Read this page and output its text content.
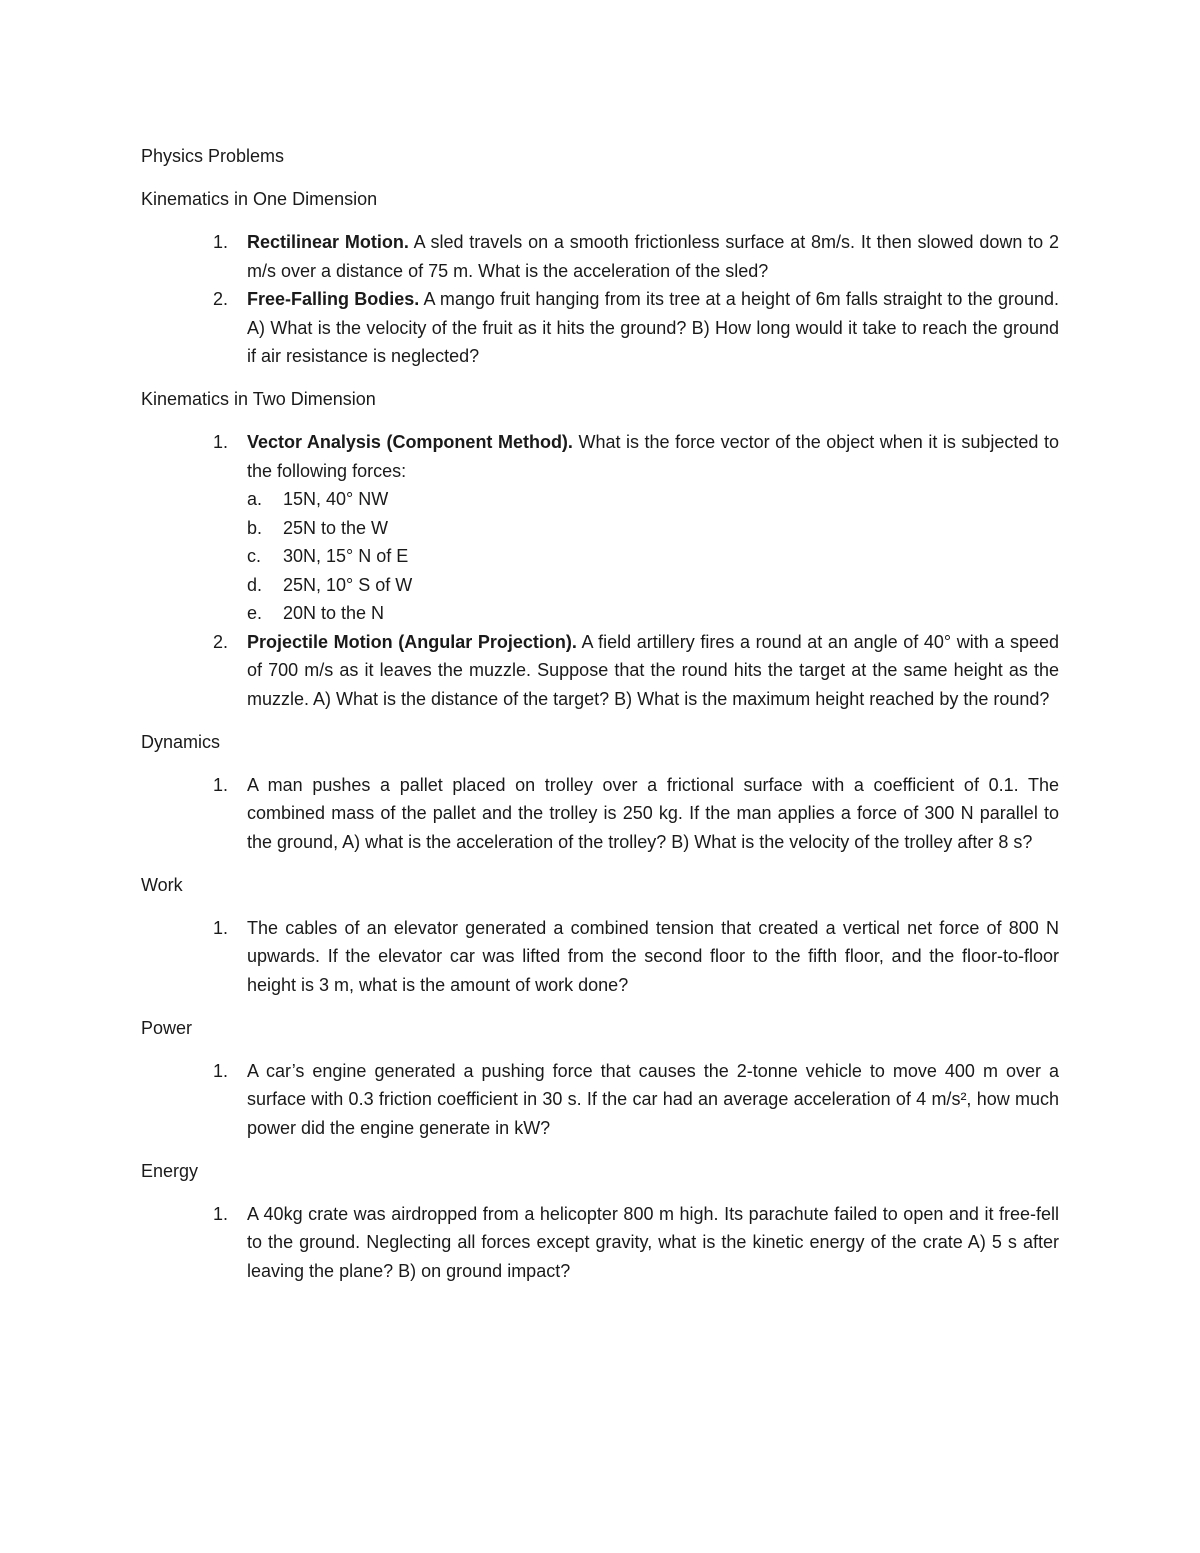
Physics Problems

Kinematics in One Dimension

1. Rectilinear Motion. A sled travels on a smooth frictionless surface at 8m/s. It then slowed down to 2 m/s over a distance of 75 m. What is the acceleration of the sled?
2. Free-Falling Bodies. A mango fruit hanging from its tree at a height of 6m falls straight to the ground. A) What is the velocity of the fruit as it hits the ground? B) How long would it take to reach the ground if air resistance is neglected?

Kinematics in Two Dimension

1. Vector Analysis (Component Method). What is the force vector of the object when it is subjected to the following forces:
a. 15N, 40° NW
b. 25N to the W
c. 30N, 15° N of E
d. 25N, 10° S of W
e. 20N to the N
2. Projectile Motion (Angular Projection). A field artillery fires a round at an angle of 40° with a speed of 700 m/s as it leaves the muzzle. Suppose that the round hits the target at the same height as the muzzle. A) What is the distance of the target? B) What is the maximum height reached by the round?

Dynamics

1. A man pushes a pallet placed on trolley over a frictional surface with a coefficient of 0.1. The combined mass of the pallet and the trolley is 250 kg. If the man applies a force of 300 N parallel to the ground, A) what is the acceleration of the trolley? B) What is the velocity of the trolley after 8 s?

Work

1. The cables of an elevator generated a combined tension that created a vertical net force of 800 N upwards. If the elevator car was lifted from the second floor to the fifth floor, and the floor-to-floor height is 3 m, what is the amount of work done?

Power

1. A car’s engine generated a pushing force that causes the 2-tonne vehicle to move 400 m over a surface with 0.3 friction coefficient in 30 s. If the car had an average acceleration of 4 m/s², how much power did the engine generate in kW?

Energy

1. A 40kg crate was airdropped from a helicopter 800 m high. Its parachute failed to open and it free-fell to the ground. Neglecting all forces except gravity, what is the kinetic energy of the crate A) 5 s after leaving the plane? B) on ground impact?
